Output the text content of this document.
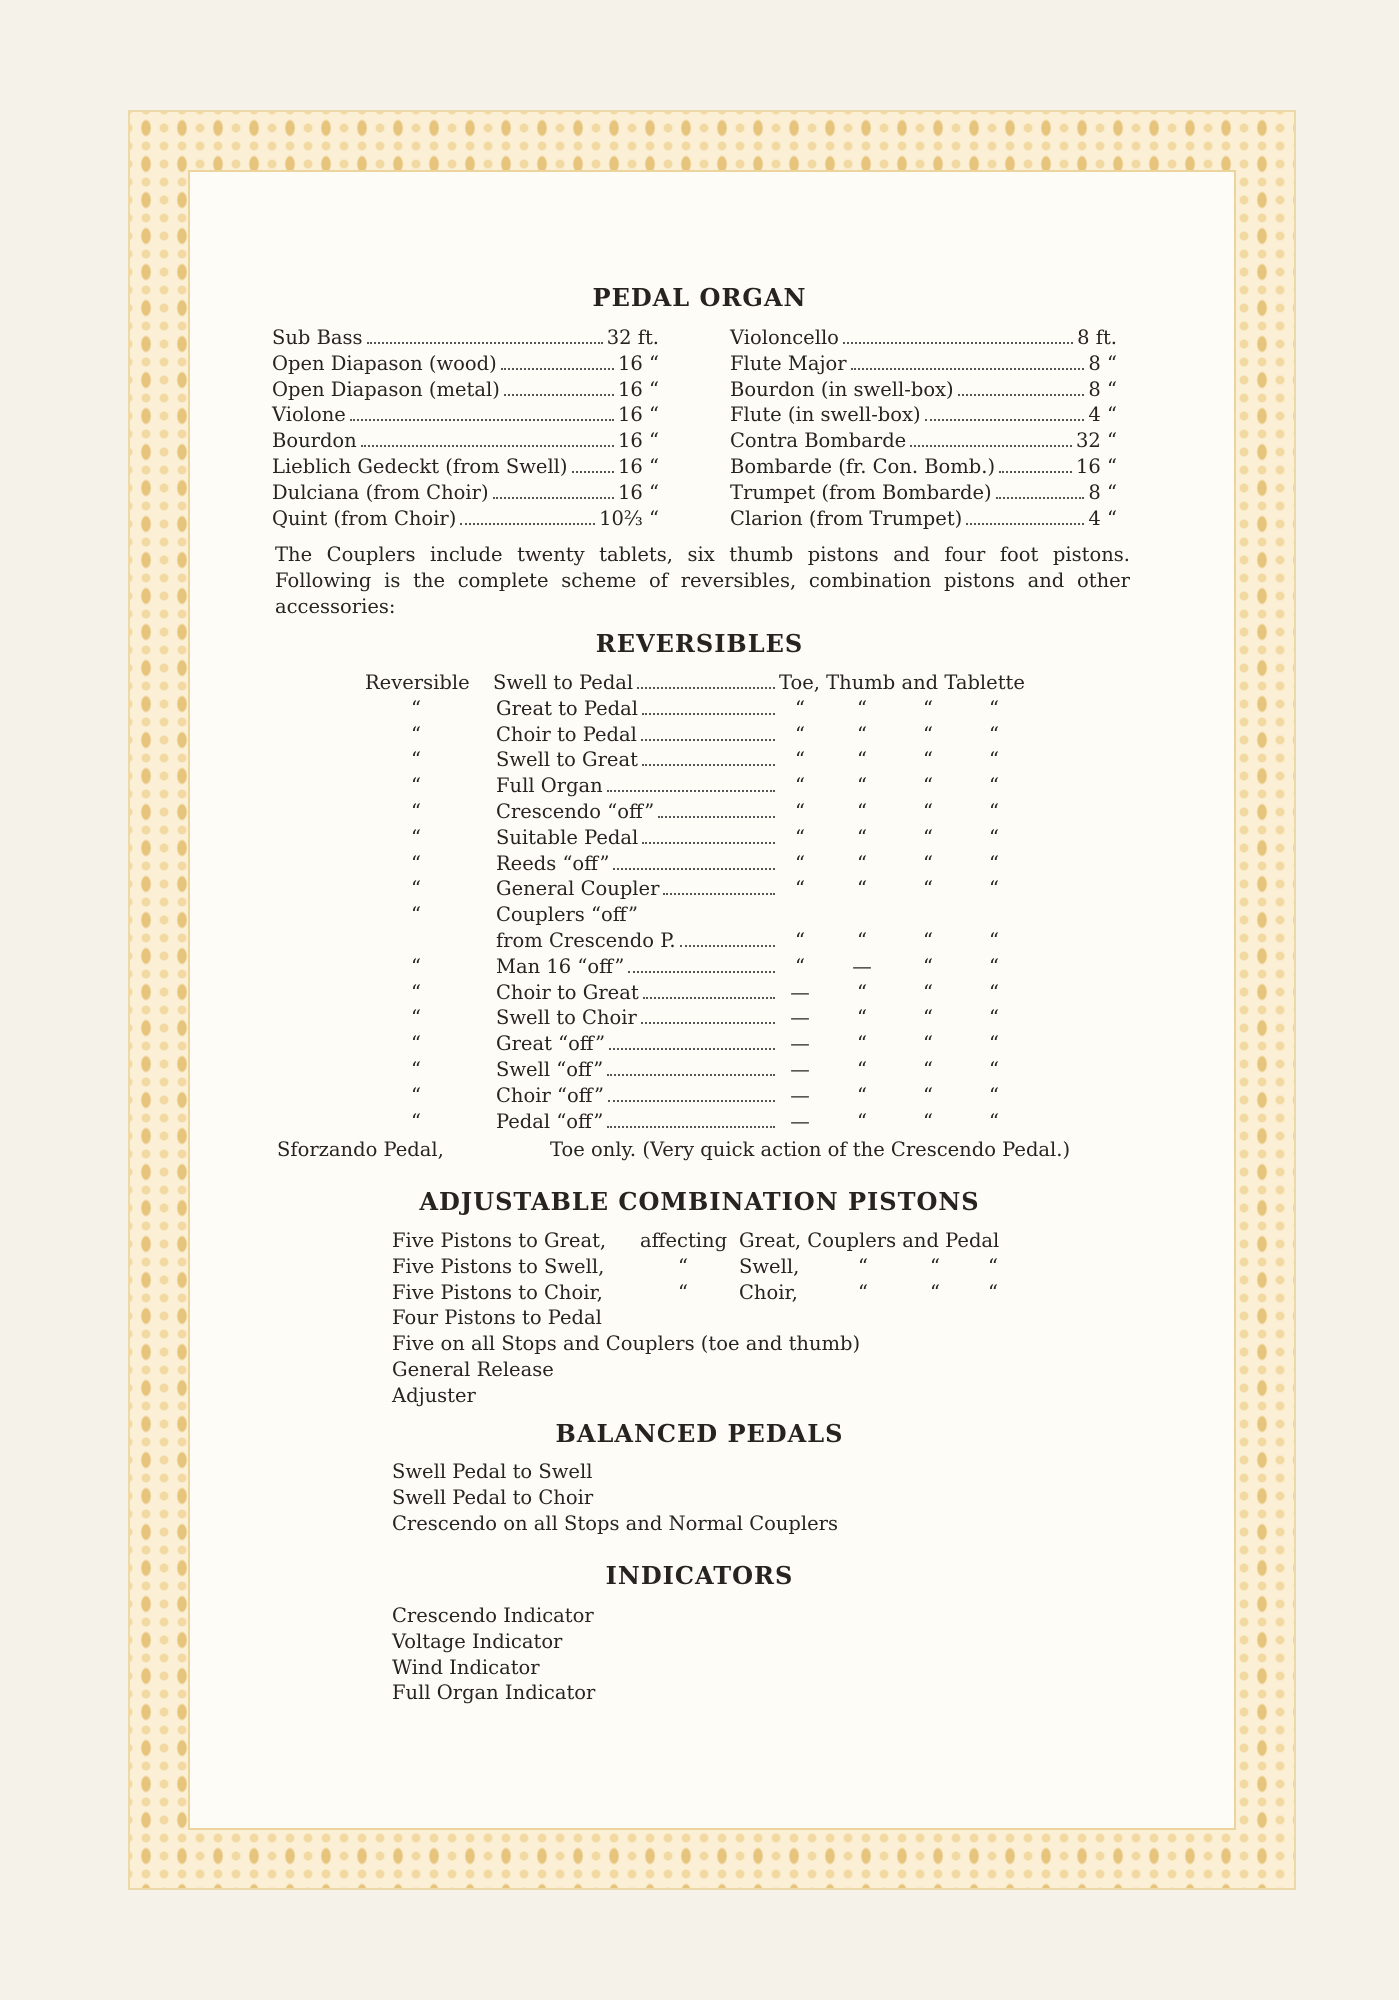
PEDAL ORGAN
Sub Bass	32 ft.
Open Diapason (wood)	16 “
Open Diapason (metal)	16 “
Violone	16 “
Bourdon	16 “
Lieblich Gedeckt (from Swell)	16 “
Dulciana (from Choir)	16 “
Quint (from Choir)	10⅔ “
Violoncello	8 ft.
Flute Major	8 “
Bourdon (in swell-box)	8 “
Flute (in swell-box)	4 “
Contra Bombarde	32 “
Bombarde (fr. Con. Bomb.)	16 “
Trumpet (from Bombarde)	8 “
Clarion (from Trumpet)	4 “
The Couplers include twenty tablets, six thumb pistons and four foot pistons. Following is the complete scheme of reversibles, combination pistons and other accessories:
REVERSIBLES
Reversible Swell to Pedal	Toe, Thumb and Tablette
“	Great to Pedal	“	“	“	“
“	Choir to Pedal	“	“	“	“
“	Swell to Great	“	“	“	“
“	Full Organ	“	“	“	“
“	Crescendo “off”	“	“	“	“
“	Suitable Pedal	“	“	“	“
“	Reeds “off”	“	“	“	“
“	General Coupler	“	“	“	“
“	Couplers “off”
from Crescendo P.	“	“	“	“
“	Man 16 “off”	“	—	“	“
“	Choir to Great	—	“	“	“
“	Swell to Choir	—	“	“	“
“	Great “off”	—	“	“	“
“	Swell “off”	—	“	“	“
“	Choir “off”	—	“	“	“
“	Pedal “off”	—	“	“	“
Sforzando Pedal,	Toe only. (Very quick action of the Crescendo Pedal.)
ADJUSTABLE COMBINATION PISTONS
Five Pistons to Great, affecting Great, Couplers and Pedal
Five Pistons to Swell,	“	Swell,	“	“ “
Five Pistons to Choir,	“	Choir,	“	“ “
Four Pistons to Pedal
Five on all Stops and Couplers (toe and thumb)
General Release
Adjuster
BALANCED PEDALS
Swell Pedal to Swell
Swell Pedal to Choir
Crescendo on all Stops and Normal Couplers
INDICATORS
Crescendo Indicator
Voltage Indicator
Wind Indicator
Full Organ Indicator
